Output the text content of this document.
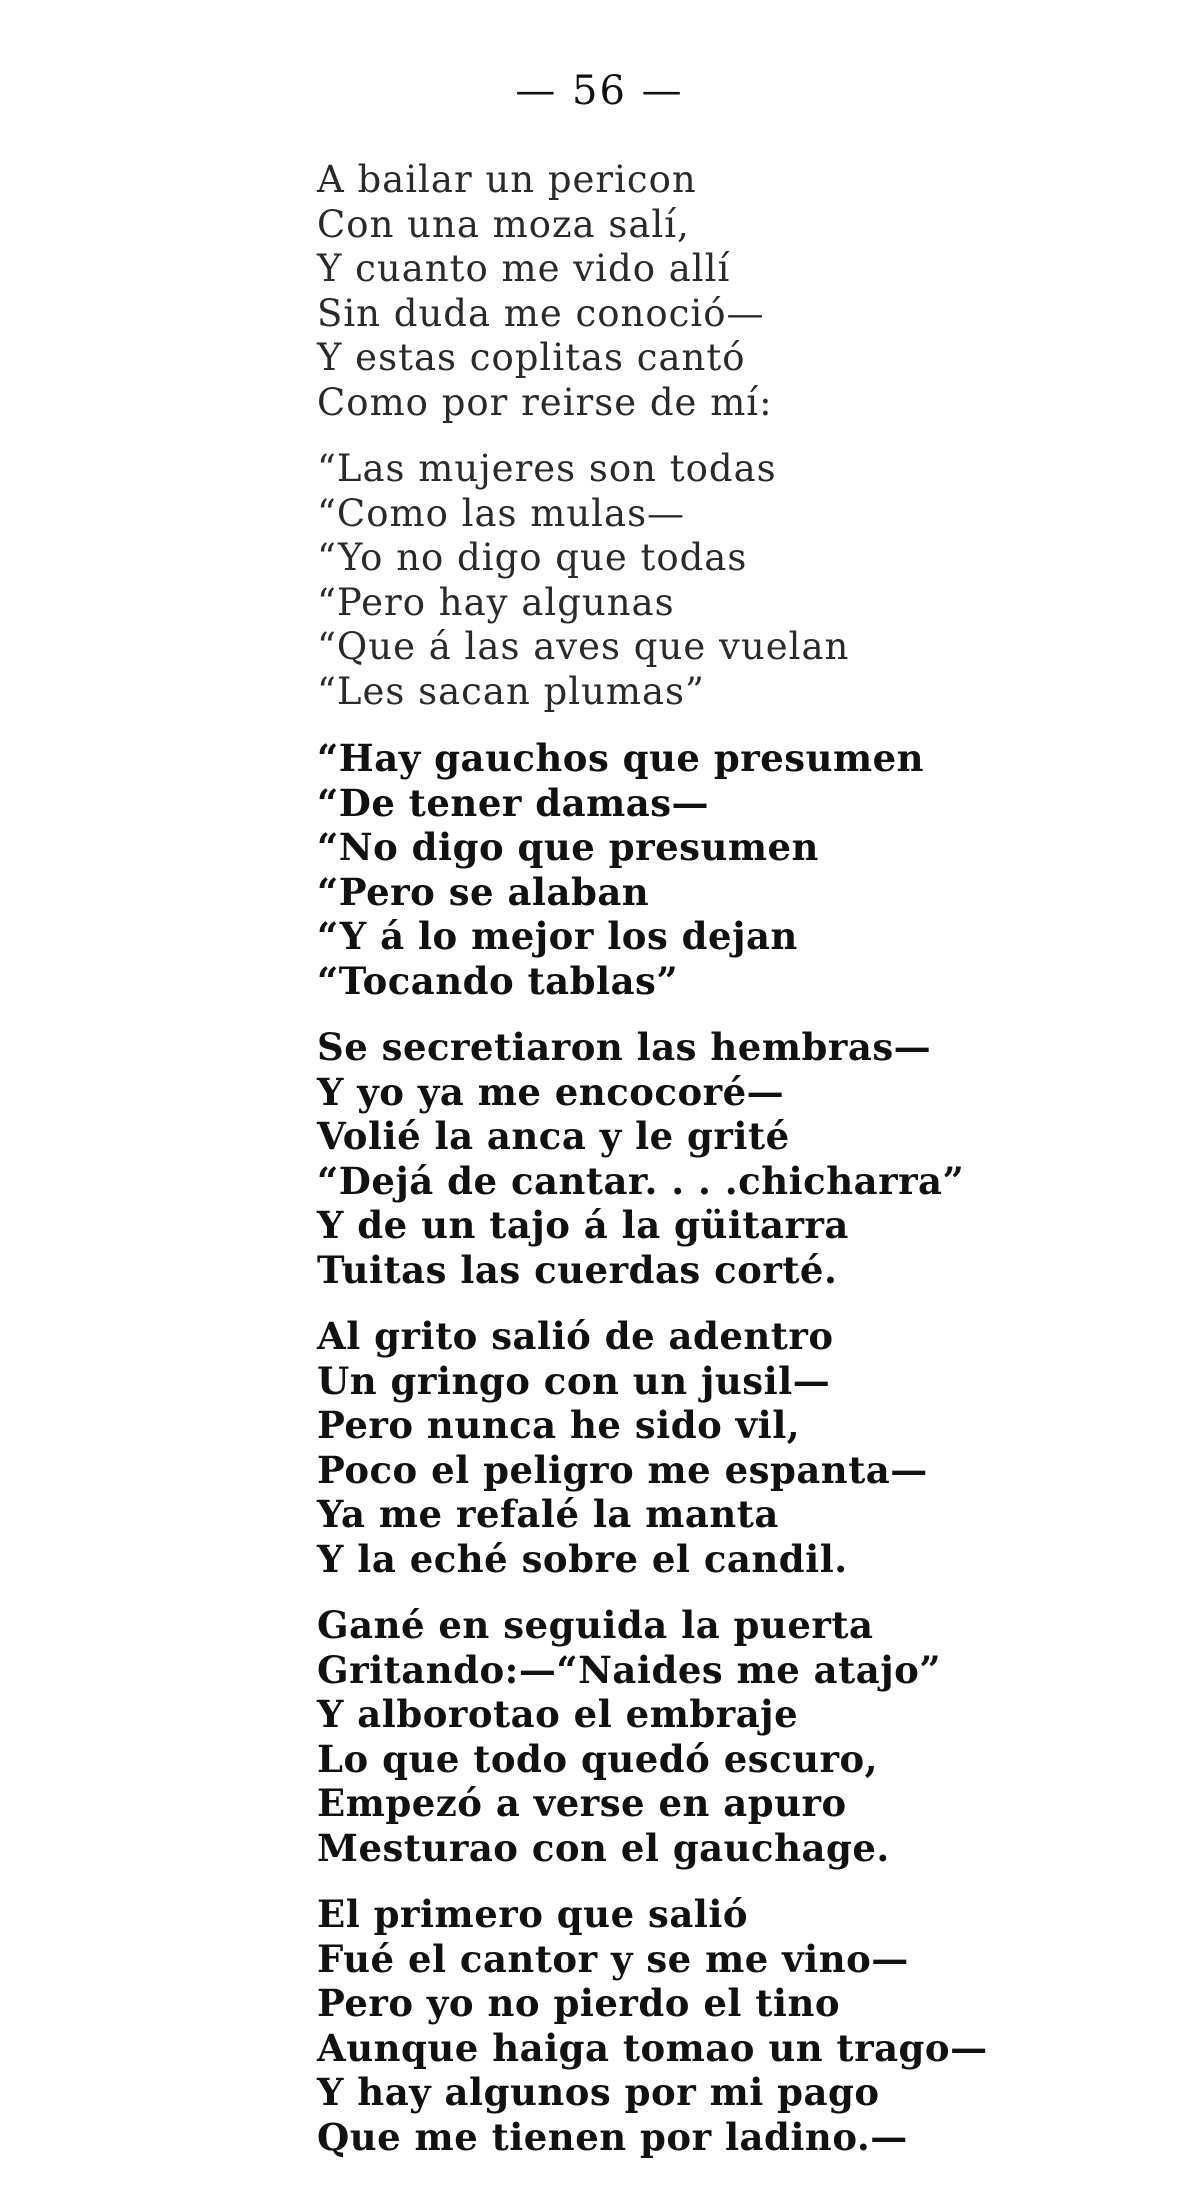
— 56 —
A bailar un pericon
Con una moza salí,
Y cuanto me vido allí
Sin duda me conoció—
Y estas coplitas cantó
Como por reirse de mí:
“Las mujeres son todas
“Como las mulas—
“Yo no digo que todas
“Pero hay algunas
“Que á las aves que vuelan
“Les sacan plumas”
“Hay gauchos que presumen
“De tener damas—
“No digo que presumen
“Pero se alaban
“Y á lo mejor los dejan
“Tocando tablas”
Se secretiaron las hembras—
Y yo ya me encocoré—
Volié la anca y le grité
“Dejá de cantar. . . .chicharra”
Y de un tajo á la güitarra
Tuitas las cuerdas corté.
Al grito salió de adentro
Un gringo con un jusil—
Pero nunca he sido vil,
Poco el peligro me espanta—
Ya me refalé la manta
Y la eché sobre el candil.
Gané en seguida la puerta
Gritando:—“Naides me atajo”
Y alborotao el embraje
Lo que todo quedó escuro,
Empezó a verse en apuro
Mesturao con el gauchage.
El primero que salió
Fué el cantor y se me vino—
Pero yo no pierdo el tino
Aunque haiga tomao un trago—
Y hay algunos por mi pago
Que me tienen por ladino.—
